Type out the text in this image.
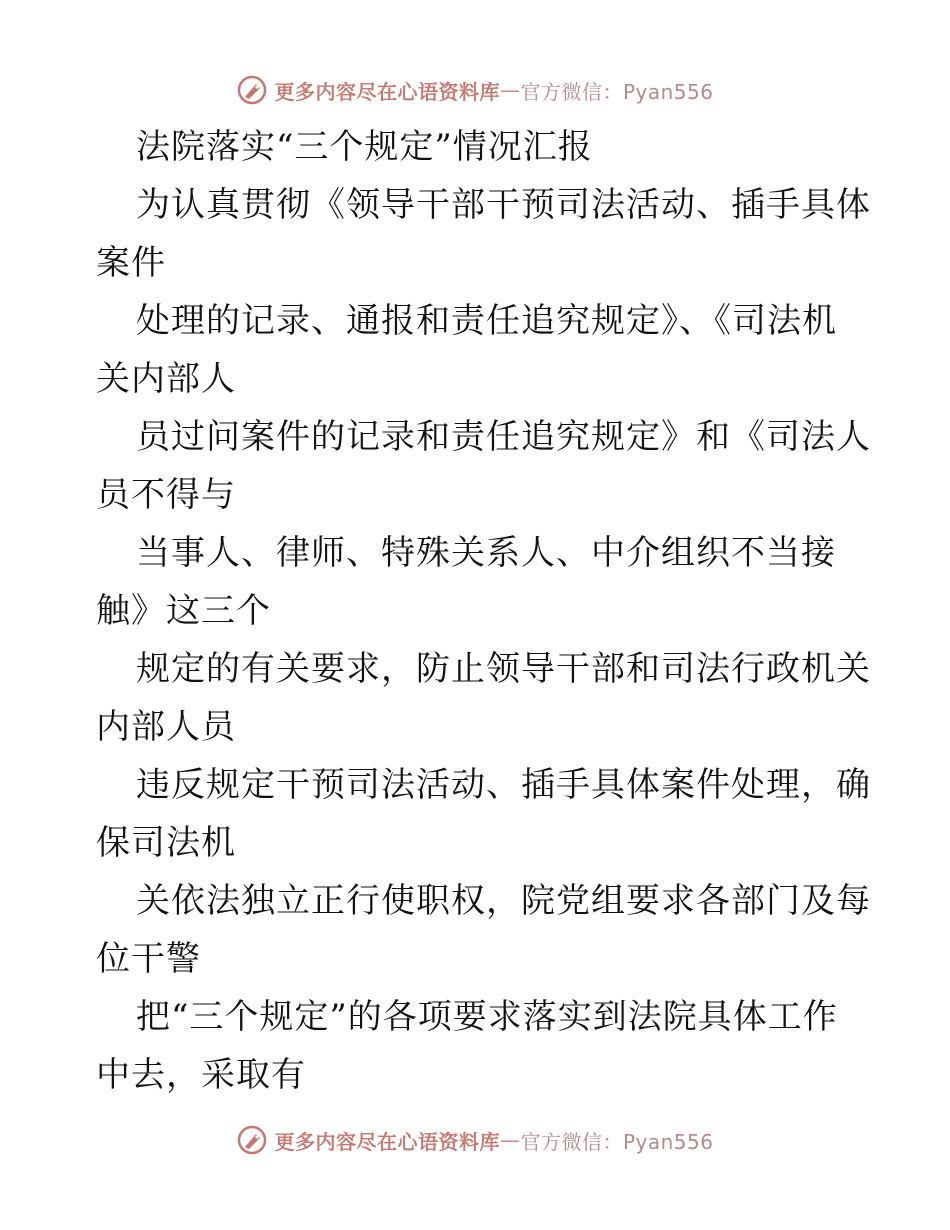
更多内容尽在心语资料库 — 官方微信：Pyan556
法院落实“三个规定”情况汇报
为认真贯彻《领导干部干预司法活动、插手具体
案件
处理的记录、通报和责任追究规定》、《司法机
关内部人
员过问案件的记录和责任追究规定》和《司法人
员不得与
当事人、律师、特殊关系人、中介组织不当接
触》这三个
规定的有关要求，防止领导干部和司法行政机关
内部人员
违反规定干预司法活动、插手具体案件处理，确
保司法机
关依法独立正行使职权，院党组要求各部门及每
位干警
把“三个规定”的各项要求落实到法院具体工作
中去，采取有
更多内容尽在心语资料库 — 官方微信：Pyan556
